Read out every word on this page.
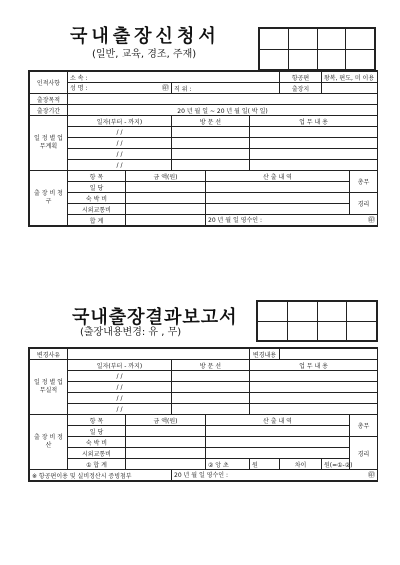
국내출장신청서
(일반, 교육, 경조, 주재)

인적사항	소 속 :					항공편	왕복, 편도, 미 이용	
	성 명 : ㊞		직 위 :			출장지		
출장목적								
출장기간	20 년 월 일 ~ 20 년 월 일( 박 일)							
일 정 별 업무계획	일자(부터 - 까지)		방 문 선		업 무 내 용			
	/ /							
	/ /							
	/ /							
	/ /							
출 장 비 청 구	항 목	금 액(원)		산 출 내 역				총무
	일 당							
	숙 박 비							경리
	시외교통비							
	합 계			20 년 월 일 영수인 : ㊞				
국내출장결과보고서
(출장내용변경: 유 , 무)

변경사유					변경내용			
일 정 별 업무실적	일자(부터 - 까지)		방 문 선		업 무 내 용			
	/ /							
	/ /							
	/ /							
	/ /							
출 장 비 정 산	항 목	금 액(원)		산 출 내 역				총무
	일 당							
	숙 박 비							경리
	시외교통비							
	① 합 계			② 앙 초	원	차이	원(=①-②)	
※ 항공편이용 및 실비정산시 증빙첨부			20 년 월 일 영수인 : ㊞					
